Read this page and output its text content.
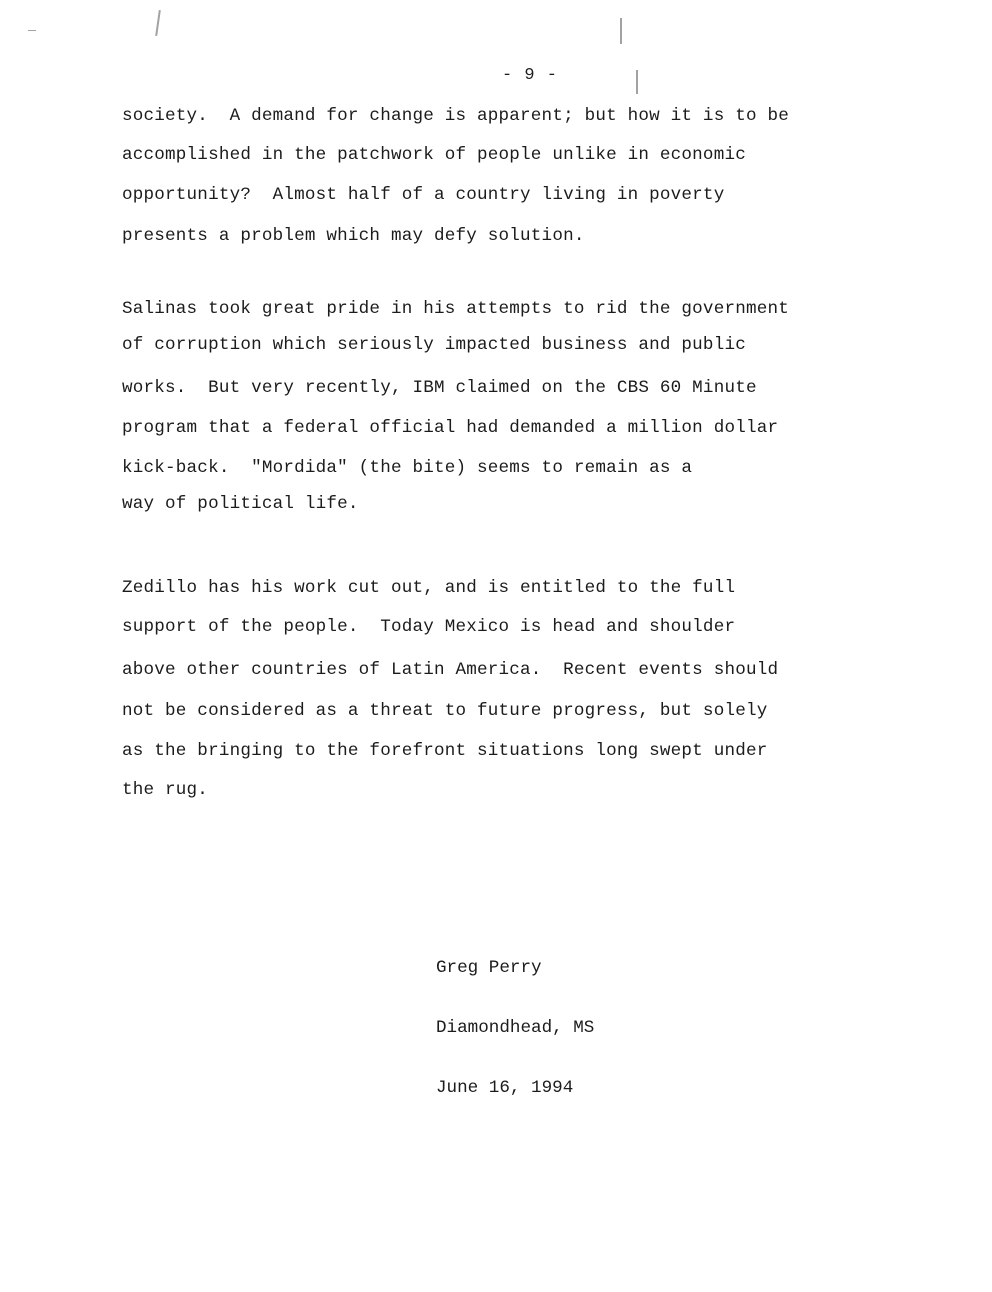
- 9 -
society.  A demand for change is apparent; but how it is to be
accomplished in the patchwork of people unlike in economic
opportunity?  Almost half of a country living in poverty
presents a problem which may defy solution.
Salinas took great pride in his attempts to rid the government
of corruption which seriously impacted business and public
works.  But very recently, IBM claimed on the CBS 60 Minute
program that a federal official had demanded a million dollar
kick-back.  "Mordida" (the bite) seems to remain as a
way of political life.
Zedillo has his work cut out, and is entitled to the full
support of the people.  Today Mexico is head and shoulder
above other countries of Latin America.  Recent events should
not be considered as a threat to future progress, but solely
as the bringing to the forefront situations long swept under
the rug.

Greg Perry

Diamondhead, MS

June 16, 1994
